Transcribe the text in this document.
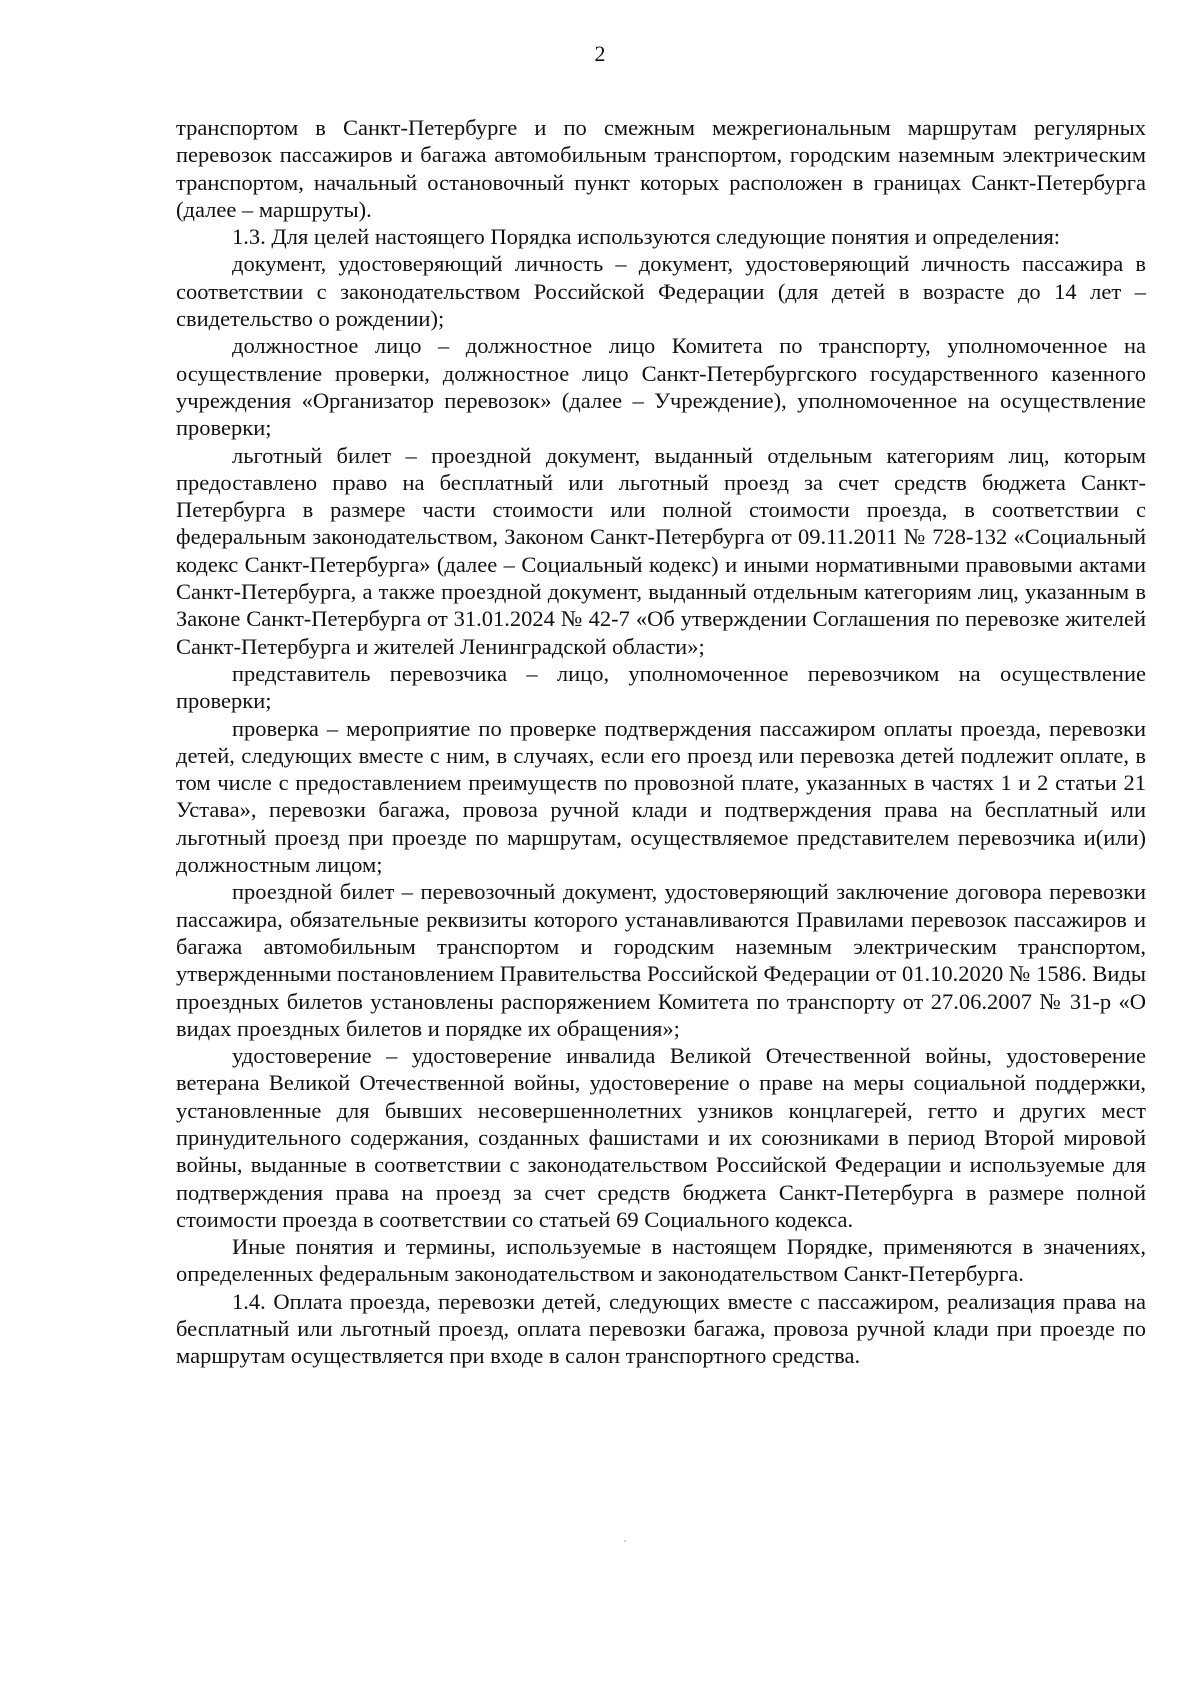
2

транспортом в Санкт-Петербурге и по смежным межрегиональным маршрутам регулярных перевозок пассажиров и багажа автомобильным транспортом, городским наземным электрическим транспортом, начальный остановочный пункт которых расположен в границах Санкт-Петербурга (далее – маршруты).

1.3. Для целей настоящего Порядка используются следующие понятия и определения:

документ, удостоверяющий личность – документ, удостоверяющий личность пассажира в соответствии с законодательством Российской Федерации (для детей в возрасте до 14 лет – свидетельство о рождении);

должностное лицо – должностное лицо Комитета по транспорту, уполномоченное на осуществление проверки, должностное лицо Санкт-Петербургского государственного казенного учреждения «Организатор перевозок» (далее – Учреждение), уполномоченное на осуществление проверки;

льготный билет – проездной документ, выданный отдельным категориям лиц, которым предоставлено право на бесплатный или льготный проезд за счет средств бюджета Санкт-Петербурга в размере части стоимости или полной стоимости проезда, в соответствии с федеральным законодательством, Законом Санкт-Петербурга от 09.11.2011 № 728-132 «Социальный кодекс Санкт-Петербурга» (далее – Социальный кодекс) и иными нормативными правовыми актами Санкт-Петербурга, а также проездной документ, выданный отдельным категориям лиц, указанным в Законе Санкт-Петербурга от 31.01.2024 № 42-7 «Об утверждении Соглашения по перевозке жителей Санкт-Петербурга и жителей Ленинградской области»;

представитель перевозчика – лицо, уполномоченное перевозчиком на осуществление проверки;

проверка – мероприятие по проверке подтверждения пассажиром оплаты проезда, перевозки детей, следующих вместе с ним, в случаях, если его проезд или перевозка детей подлежит оплате, в том числе с предоставлением преимуществ по провозной плате, указанных в частях 1 и 2 статьи 21 Устава», перевозки багажа, провоза ручной клади и подтверждения права на бесплатный или льготный проезд при проезде по маршрутам, осуществляемое представителем перевозчика и(или) должностным лицом;

проездной билет – перевозочный документ, удостоверяющий заключение договора перевозки пассажира, обязательные реквизиты которого устанавливаются Правилами перевозок пассажиров и багажа автомобильным транспортом и городским наземным электрическим транспортом, утвержденными постановлением Правительства Российской Федерации от 01.10.2020 № 1586. Виды проездных билетов установлены распоряжением Комитета по транспорту от 27.06.2007 № 31-р «О видах проездных билетов и порядке их обращения»;

удостоверение – удостоверение инвалида Великой Отечественной войны, удостоверение ветерана Великой Отечественной войны, удостоверение о праве на меры социальной поддержки, установленные для бывших несовершеннолетних узников концлагерей, гетто и других мест принудительного содержания, созданных фашистами и их союзниками в период Второй мировой войны, выданные в соответствии с законодательством Российской Федерации и используемые для подтверждения права на проезд за счет средств бюджета Санкт-Петербурга в размере полной стоимости проезда в соответствии со статьей 69 Социального кодекса.

Иные понятия и термины, используемые в настоящем Порядке, применяются в значениях, определенных федеральным законодательством и законодательством Санкт-Петербурга.

1.4. Оплата проезда, перевозки детей, следующих вместе с пассажиром, реализация права на бесплатный или льготный проезд, оплата перевозки багажа, провоза ручной клади при проезде по маршрутам осуществляется при входе в салон транспортного средства.
